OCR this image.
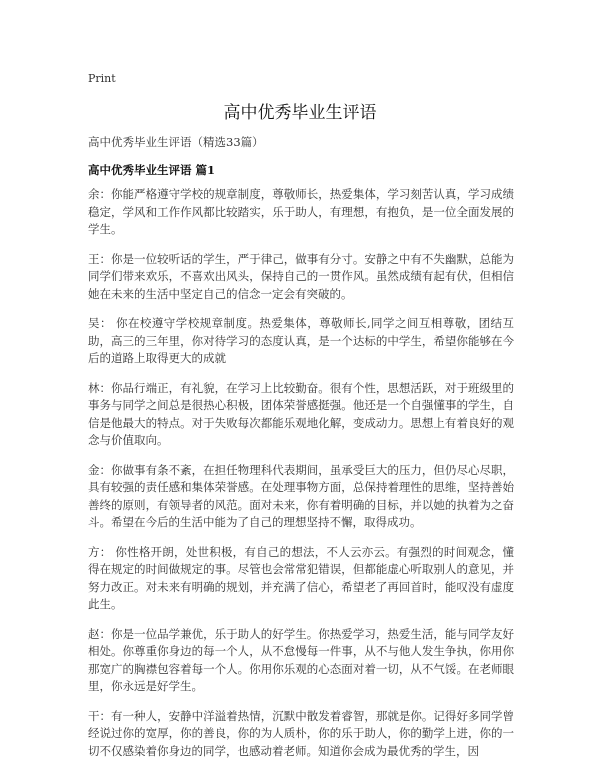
Print
高中优秀毕业生评语
高中优秀毕业生评语（精选33篇）
高中优秀毕业生评语 篇1

余：你能严格遵守学校的规章制度，尊敬师长，热爱集体，学习刻苦认真，学习成绩稳定，学风和工作作风都比较踏实，乐于助人，有理想，有抱负，是一位全面发展的学生。

王：你是一位较听话的学生，严于律己，做事有分寸。安静之中有不失幽默，总能为同学们带来欢乐，不喜欢出风头，保持自己的一贯作风。虽然成绩有起有伏，但相信她在未来的生活中坚定自己的信念一定会有突破的。

吴： 你在校遵守学校规章制度。热爱集体，尊敬师长,同学之间互相尊敬，团结互助，高三的三年里，你对待学习的态度认真，是一个达标的中学生，希望你能够在今后的道路上取得更大的成就

林：你品行端正，有礼貌，在学习上比较勤奋。很有个性，思想活跃，对于班级里的事务与同学之间总是很热心积极，团体荣誉感挺强。他还是一个自强懂事的学生，自信是他最大的特点。对于失败每次都能乐观地化解，变成动力。思想上有着良好的观念与价值取向。

金：你做事有条不紊，在担任物理科代表期间，虽承受巨大的压力，但仍尽心尽职，具有较强的责任感和集体荣誉感。在处理事物方面，总保持着理性的思维，坚持善始善终的原则，有领导者的风范。面对未来，你有着明确的目标，并以她的执着为之奋斗。希望在今后的生活中能为了自己的理想坚持不懈，取得成功。

方： 你性格开朗，处世积极，有自己的想法，不人云亦云。有强烈的时间观念，懂得在规定的时间做规定的事。尽管也会常常犯错误，但都能虚心听取别人的意见，并努力改正。对未来有明确的规划，并充满了信心，希望老了再回首时，能叹没有虚度此生。

赵：你是一位品学兼优，乐于助人的好学生。你热爱学习，热爱生活，能与同学友好相处。你尊重你身边的每一个人，从不怠慢每一件事，从不与他人发生争执，你用你那宽广的胸襟包容着每一个人。你用你乐观的心态面对着一切，从不气馁。在老师眼里，你永远是好学生。

干：有一种人，安静中洋溢着热情，沉默中散发着睿智，那就是你。记得好多同学曾经说过你的宽厚，你的善良，你的为人质朴，你的乐于助人，你的勤学上进，你的一切不仅感染着你身边的同学，也感动着老师。知道你会成为最优秀的学生，因
